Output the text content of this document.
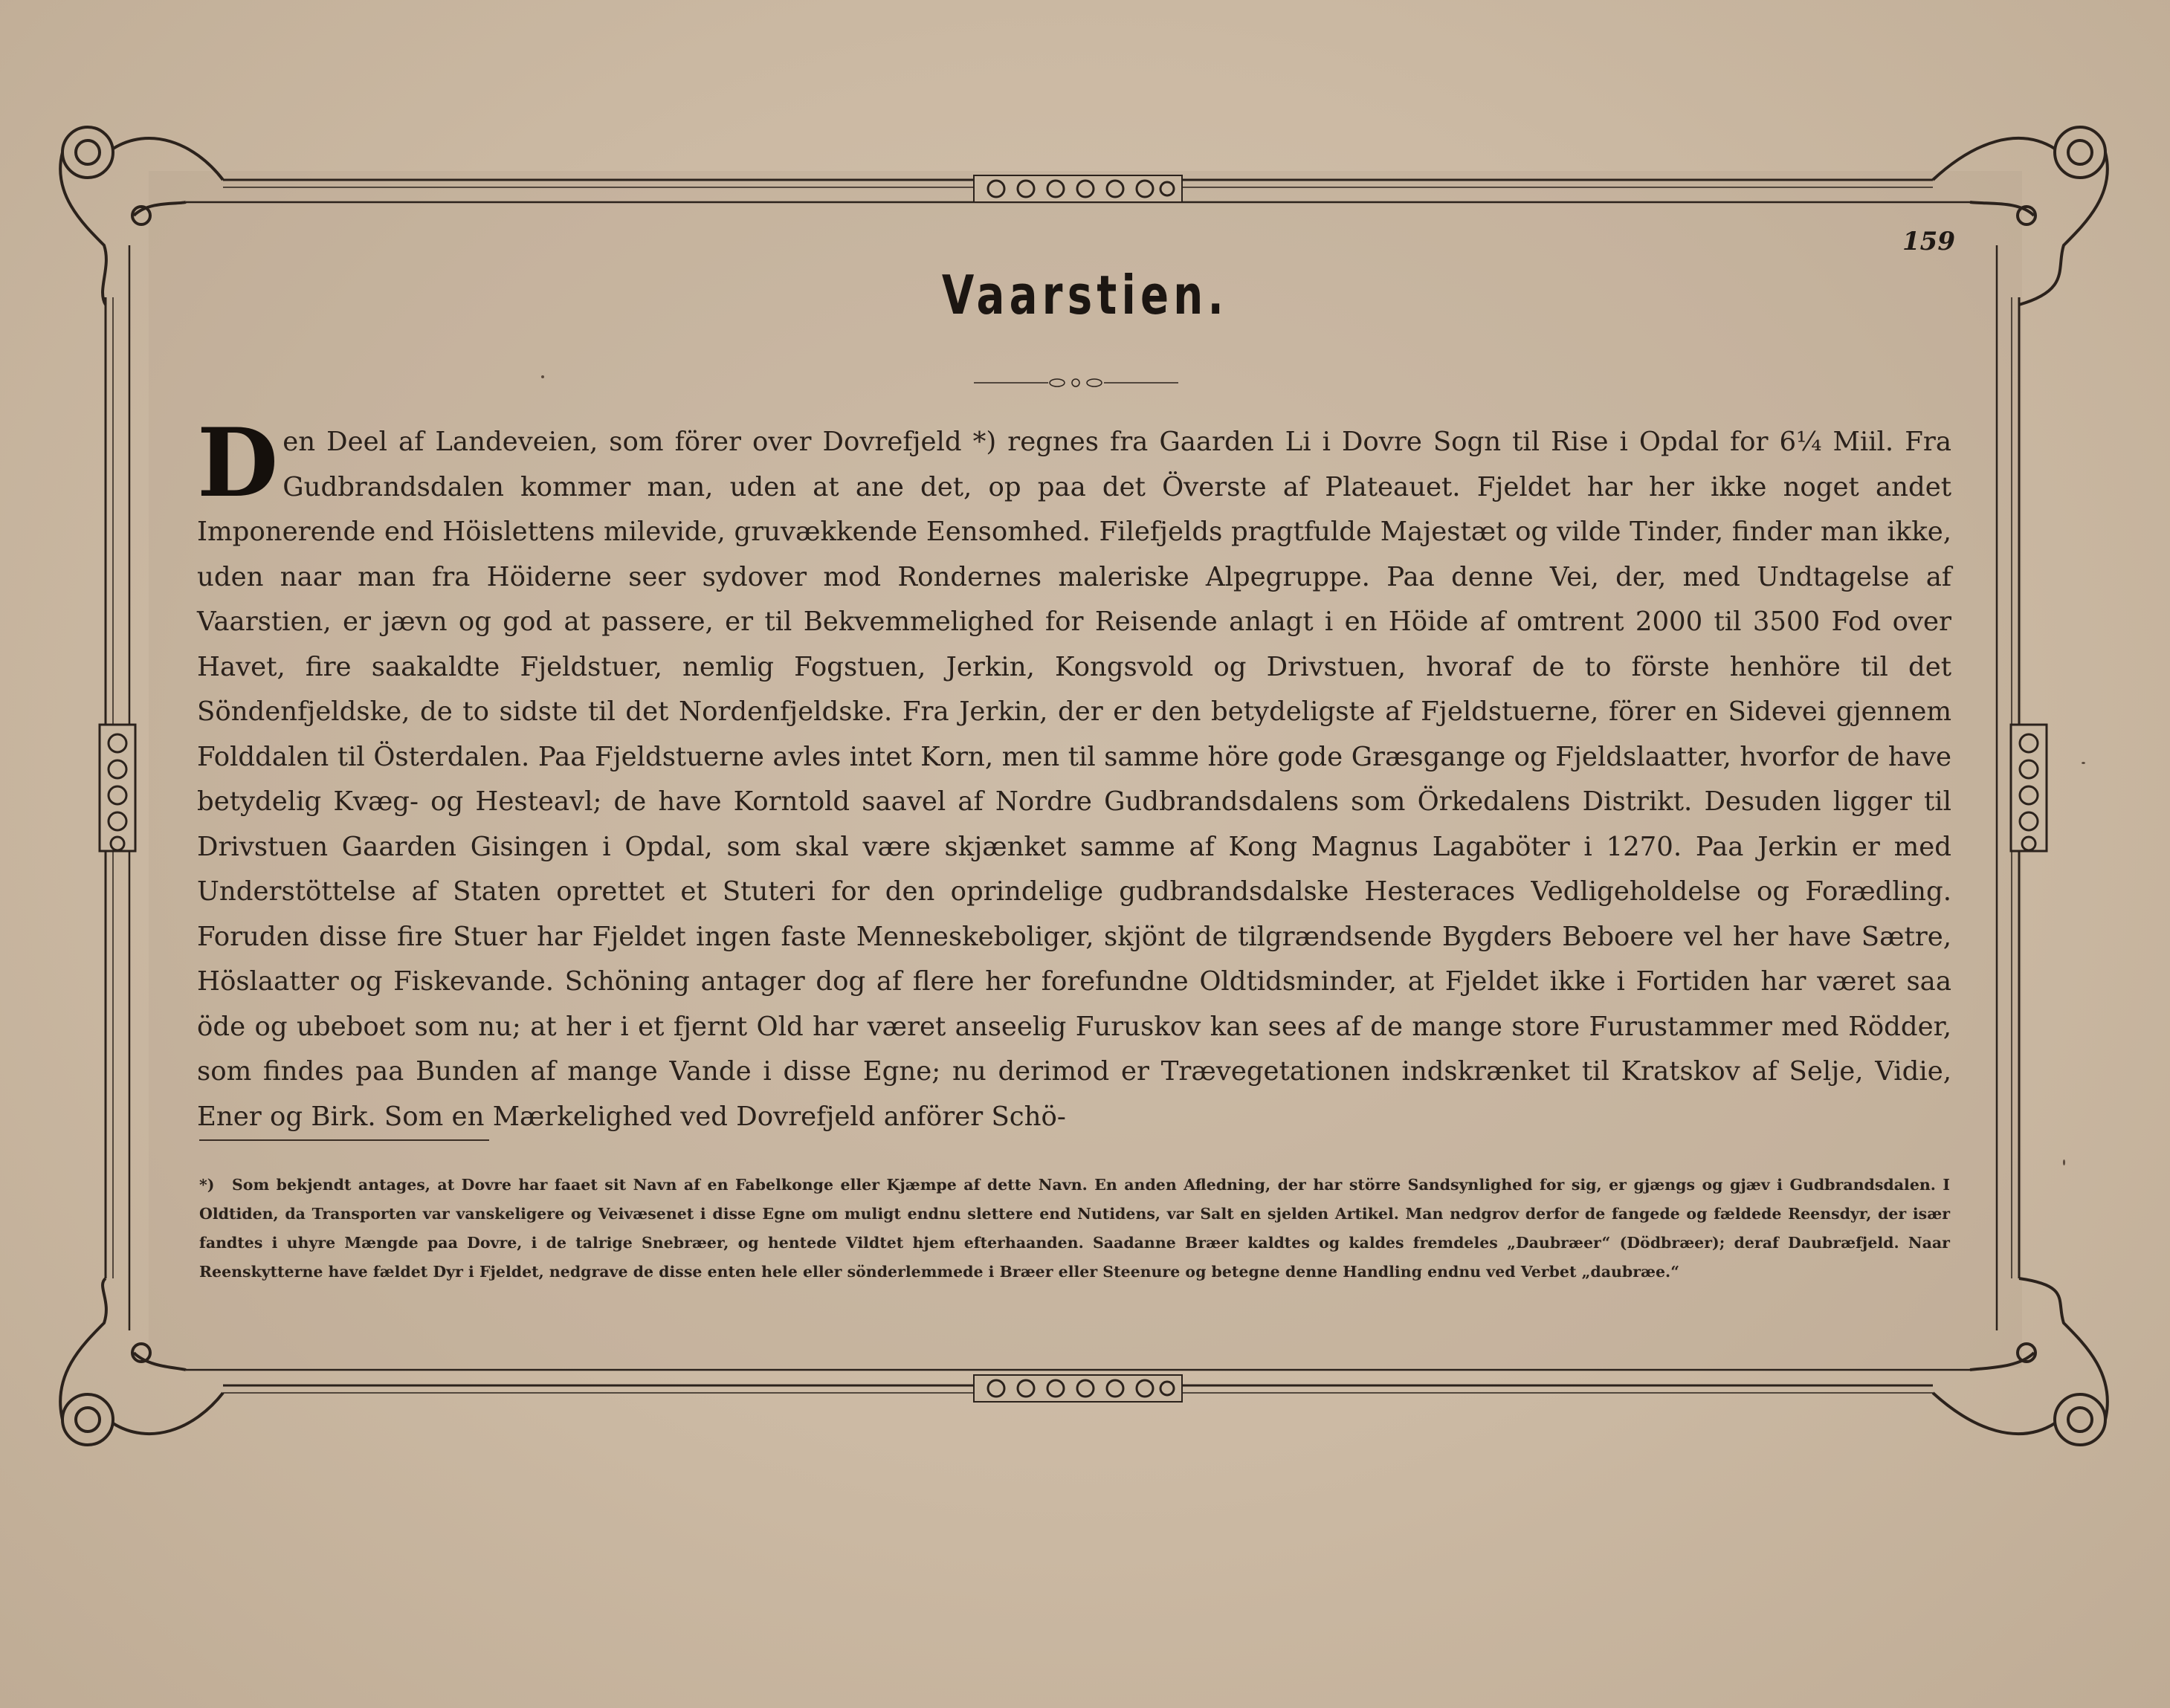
159
Vaarstien.

Den Deel af Landeveien, som förer over Dovrefjeld *) regnes fra Gaarden Li i Dovre Sogn til Rise i Opdal for 6¼ Miil. Fra Gudbrandsdalen kommer man, uden at ane det, op paa det Överste af Plateauet. Fjeldet har her ikke noget andet Imponerende end Höislettens milevide, gruvækkende Eensomhed. Filefjelds pragtfulde Majestæt og vilde Tinder, finder man ikke, uden naar man fra Höiderne seer sydover mod Rondernes maleriske Alpegruppe. Paa denne Vei, der, med Undtagelse af Vaarstien, er jævn og god at passere, er til Bekvemmelighed for Reisende anlagt i en Höide af omtrent 2000 til 3500 Fod over Havet, fire saakaldte Fjeldstuer, nemlig Fogstuen, Jerkin, Kongsvold og Drivstuen, hvoraf de to förste henhöre til det Söndenfjeldske, de to sidste til det Nordenfjeldske. Fra Jerkin, der er den betydeligste af Fjeldstuerne, förer en Sidevei gjennem Folddalen til Österdalen. Paa Fjeldstuerne avles intet Korn, men til samme höre gode Græsgange og Fjeldslaatter, hvorfor de have betydelig Kvæg- og Hesteavl; de have Korntold saavel af Nordre Gudbrandsdalens som Örkedalens Distrikt. Desuden ligger til Drivstuen Gaarden Gisingen i Opdal, som skal være skjænket samme af Kong Magnus Lagaböter i 1270. Paa Jerkin er med Understöttelse af Staten oprettet et Stuteri for den oprindelige gudbrandsdalske Hesteraces Vedligeholdelse og Forædling. Foruden disse fire Stuer har Fjeldet ingen faste Menneskeboliger, skjönt de tilgrændsende Bygders Beboere vel her have Sætre, Höslaatter og Fiskevande. Schöning antager dog af flere her forefundne Oldtidsminder, at Fjeldet ikke i Fortiden har været saa öde og ubeboet som nu; at her i et fjernt Old har været anseelig Furuskov kan sees af de mange store Furustammer med Rödder, som findes paa Bunden af mange Vande i disse Egne; nu derimod er Trævegetationen indskrænket til Kratskov af Selje, Vidie, Ener og Birk. Som en Mærkelighed ved Dovrefjeld anförer Schö-

*) Som bekjendt antages, at Dovre har faaet sit Navn af en Fabelkonge eller Kjæmpe af dette Navn. En anden Afledning, der har större Sandsynlighed for sig, er gjængs og gjæv i Gudbrandsdalen. I Oldtiden, da Transporten var vanskeligere og Veivæsenet i disse Egne om muligt endnu slettere end Nutidens, var Salt en sjelden Artikel. Man nedgrov derfor de fangede og fældede Reensdyr, der især fandtes i uhyre Mængde paa Dovre, i de talrige Snebræer, og hentede Vildtet hjem efterhaanden. Saadanne Bræer kaldtes og kaldes fremdeles „Daubræer“ (Dödbræer); deraf Daubræfjeld. Naar Reenskytterne have fældet Dyr i Fjeldet, nedgrave de disse enten hele eller sönderlemmede i Bræer eller Steenure og betegne denne Handling endnu ved Verbet „daubræe.“
